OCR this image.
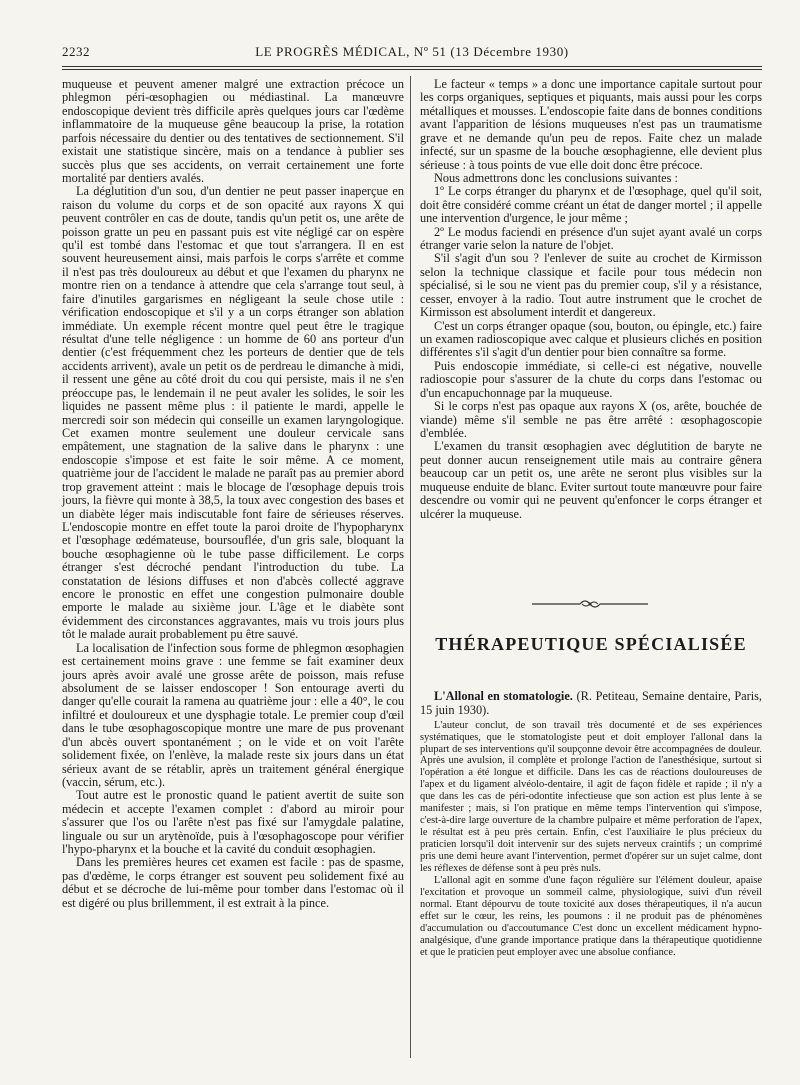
2232	LE PROGRÈS MÉDICAL, Nº 51 (13 Décembre 1930)

muqueuse et peuvent amener malgré une extraction précoce un phlegmon péri-œsophagien ou médiastinal. La manœuvre endoscopique devient très difficile après quelques jours car l'œdème inflammatoire de la muqueuse gêne beaucoup la prise, la rotation parfois nécessaire du dentier ou des tentatives de sectionnement. S'il existait une statistique sincère, mais on a tendance à publier ses succès plus que ses accidents, on verrait certainement une forte mortalité par dentiers avalés.

La déglutition d'un sou, d'un dentier ne peut passer inaperçue en raison du volume du corps et de son opacité aux rayons X qui peuvent contrôler en cas de doute, tandis qu'un petit os, une arête de poisson gratte un peu en passant puis est vite négligé car on espère qu'il est tombé dans l'estomac et que tout s'arrangera. Il en est souvent heureusement ainsi, mais parfois le corps s'arrête et comme il n'est pas très douloureux au début et que l'examen du pharynx ne montre rien on a tendance à attendre que cela s'arrange tout seul, à faire d'inutiles gargarismes en négligeant la seule chose utile : vérification endoscopique et s'il y a un corps étranger son ablation immédiate. Un exemple récent montre quel peut être le tragique résultat d'une telle négligence : un homme de 60 ans porteur d'un dentier (c'est fréquemment chez les porteurs de dentier que de tels accidents arrivent), avale un petit os de perdreau le dimanche à midi, il ressent une gêne au côté droit du cou qui persiste, mais il ne s'en préoccupe pas, le lendemain il ne peut avaler les solides, le soir les liquides ne passent même plus : il patiente le mardi, appelle le mercredi soir son médecin qui conseille un examen laryngologique. Cet examen montre seulement une douleur cervicale sans empâtement, une stagnation de la salive dans le pharynx : une endoscopie s'impose et est faite le soir même. A ce moment, quatrième jour de l'accident le malade ne paraît pas au premier abord trop gravement atteint : mais le blocage de l'œsophage depuis trois jours, la fièvre qui monte à 38,5, la toux avec congestion des bases et un diabète léger mais indiscutable font faire de sérieuses réserves. L'endoscopie montre en effet toute la paroi droite de l'hypopharynx et l'œsophage œdémateuse, boursouflée, d'un gris sale, bloquant la bouche œsophagienne où le tube passe difficilement. Le corps étranger s'est décroché pendant l'introduction du tube. La constatation de lésions diffuses et non d'abcès collecté aggrave encore le pronostic en effet une congestion pulmonaire double emporte le malade au sixième jour. L'âge et le diabète sont évidemment des circonstances aggravantes, mais vu trois jours plus tôt le malade aurait probablement pu être sauvé.

La localisation de l'infection sous forme de phlegmon œsophagien est certainement moins grave : une femme se fait examiner deux jours après avoir avalé une grosse arête de poisson, mais refuse absolument de se laisser endoscoper ! Son entourage averti du danger qu'elle courait la ramena au quatrième jour : elle a 40°, le cou infiltré et douloureux et une dysphagie totale. Le premier coup d'œil dans le tube œsophagoscopique montre une mare de pus provenant d'un abcès ouvert spontanément ; on le vide et on voit l'arête solidement fixée, on l'enlève, la malade reste six jours dans un état sérieux avant de se rétablir, après un traitement général énergique (vaccin, sérum, etc.).

Tout autre est le pronostic quand le patient avertit de suite son médecin et accepte l'examen complet : d'abord au miroir pour s'assurer que l'os ou l'arête n'est pas fixé sur l'amygdale palatine, linguale ou sur un arytènoïde, puis à l'œsophagoscope pour vérifier l'hypo-pharynx et la bouche et la cavité du conduit œsophagien.

Dans les premières heures cet examen est facile : pas de spasme, pas d'œdème, le corps étranger est souvent peu solidement fixé au début et se décroche de lui-même pour tomber dans l'estomac où il est digéré ou plus brillemment, il est extrait à la pince.

Le facteur « temps » a donc une importance capitale surtout pour les corps organiques, septiques et piquants, mais aussi pour les corps métalliques et mousses. L'endoscopie faite dans de bonnes conditions avant l'apparition de lésions muqueuses n'est pas un traumatisme grave et ne demande qu'un peu de repos. Faite chez un malade infecté, sur un spasme de la bouche œsophagienne, elle devient plus sérieuse : à tous points de vue elle doit donc être précoce.

Nous admettrons donc les conclusions suivantes :

1º Le corps étranger du pharynx et de l'œsophage, quel qu'il soit, doit être considéré comme créant un état de danger mortel ; il appelle une intervention d'urgence, le jour même ;

2º Le modus faciendi en présence d'un sujet ayant avalé un corps étranger varie selon la nature de l'objet.

S'il s'agit d'un sou ? l'enlever de suite au crochet de Kirmisson selon la technique classique et facile pour tous médecin non spécialisé, si le sou ne vient pas du premier coup, s'il y a résistance, cesser, envoyer à la radio. Tout autre instrument que le crochet de Kirmisson est absolument interdit et dangereux.

C'est un corps étranger opaque (sou, bouton, ou épingle, etc.) faire un examen radioscopique avec calque et plusieurs clichés en position différentes s'il s'agit d'un dentier pour bien connaître sa forme.

Puis endoscopie immédiate, si celle-ci est négative, nouvelle radioscopie pour s'assurer de la chute du corps dans l'estomac ou d'un encapuchonnage par la muqueuse.

Si le corps n'est pas opaque aux rayons X (os, arête, bouchée de viande) même s'il semble ne pas être arrêté : œsophagoscopie d'emblée.

L'examen du transit œsophagien avec déglutition de baryte ne peut donner aucun renseignement utile mais au contraire gênera beaucoup car un petit os, une arête ne seront plus visibles sur la muqueuse enduite de blanc. Eviter surtout toute manœuvre pour faire descendre ou vomir qui ne peuvent qu'enfoncer le corps étranger et ulcérer la muqueuse.

THÉRAPEUTIQUE SPÉCIALISÉE

L'Allonal en stomatologie. (R. Petiteau, Semaine dentaire, Paris, 15 juin 1930).

L'auteur conclut, de son travail très documenté et de ses expériences systématiques, que le stomatologiste peut et doit employer l'allonal dans la plupart de ses interventions qu'il soupçonne devoir être accompagnées de douleur. Après une avulsion, il complète et prolonge l'action de l'anesthésique, surtout si l'opération a été longue et difficile. Dans les cas de réactions douloureuses de l'apex et du ligament alvéolo-dentaire, il agit de façon fidèle et rapide ; il n'y a que dans les cas de péri-odontite infectieuse que son action est plus lente à se manifester ; mais, si l'on pratique en même temps l'intervention qui s'impose, c'est-à-dire large ouverture de la chambre pulpaire et même perforation de l'apex, le résultat est à peu près certain. Enfin, c'est l'auxiliaire le plus précieux du praticien lorsqu'il doit intervenir sur des sujets nerveux craintifs ; un comprimé pris une demi heure avant l'intervention, permet d'opérer sur un sujet calme, dont les réflexes de défense sont à peu près nuls.

L'allonal agit en somme d'une façon régulière sur l'élément douleur, apaise l'excitation et provoque un sommeil calme, physiologique, suivi d'un réveil normal. Etant dépourvu de toute toxicité aux doses thérapeutiques, il n'a aucun effet sur le cœur, les reins, les poumons : il ne produit pas de phénomènes d'accumulation ou d'accoutumance C'est donc un excellent médicament hypno-analgésique, d'une grande importance pratique dans la thérapeutique quotidienne et que le praticien peut employer avec une absolue confiance.
